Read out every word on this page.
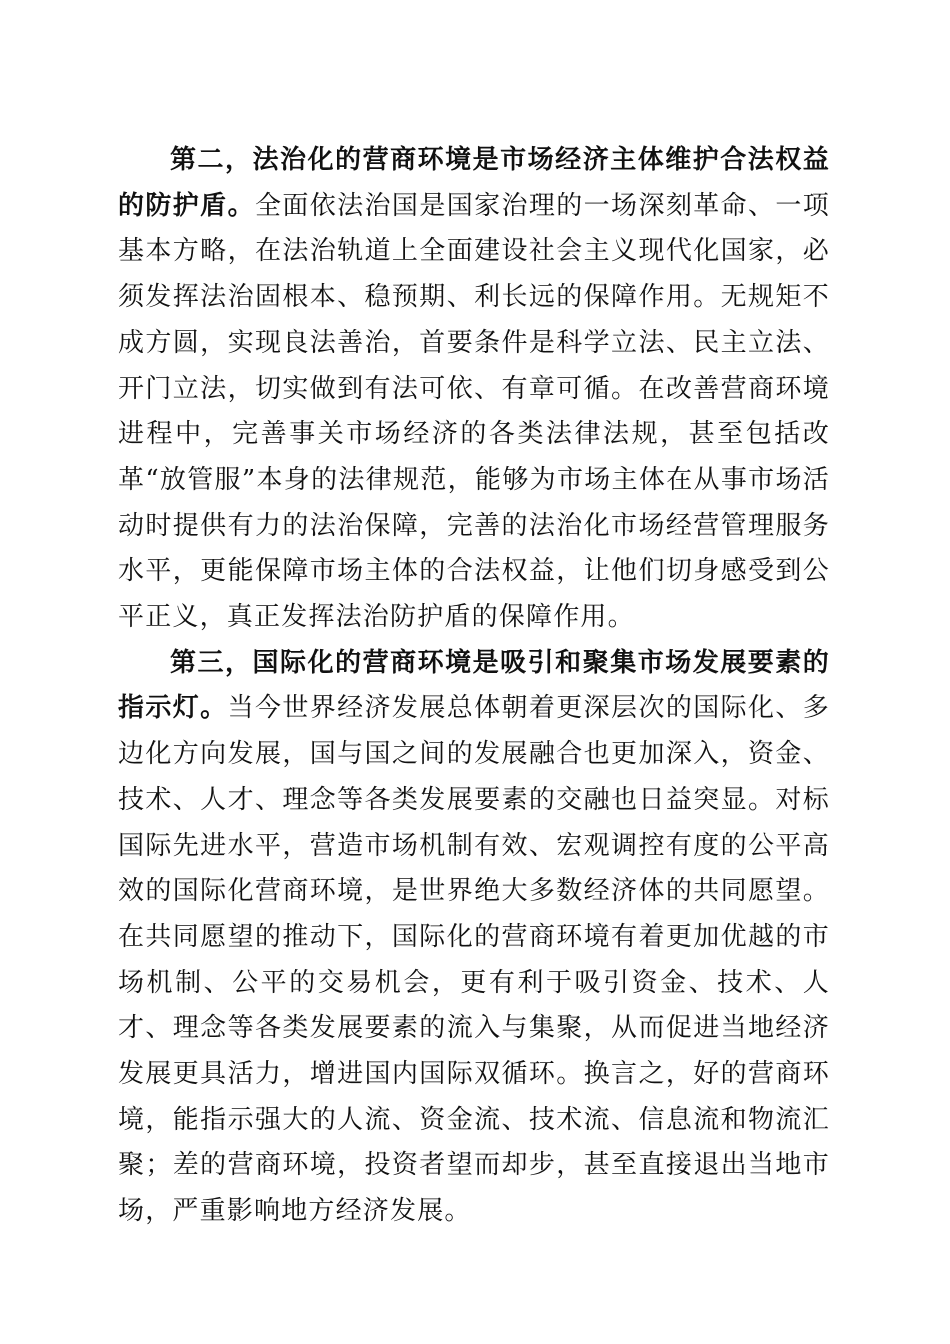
第二，法治化的营商环境是市场经济主体维护合法权益的防护盾。全面依法治国是国家治理的一场深刻革命、一项基本方略，在法治轨道上全面建设社会主义现代化国家，必须发挥法治固根本、稳预期、利长远的保障作用。无规矩不成方圆，实现良法善治，首要条件是科学立法、民主立法、开门立法，切实做到有法可依、有章可循。在改善营商环境进程中，完善事关市场经济的各类法律法规，甚至包括改革“放管服”本身的法律规范，能够为市场主体在从事市场活动时提供有力的法治保障，完善的法治化市场经营管理服务水平，更能保障市场主体的合法权益，让他们切身感受到公平正义，真正发挥法治防护盾的保障作用。

第三，国际化的营商环境是吸引和聚集市场发展要素的指示灯。当今世界经济发展总体朝着更深层次的国际化、多边化方向发展，国与国之间的发展融合也更加深入，资金、技术、人才、理念等各类发展要素的交融也日益突显。对标国际先进水平，营造市场机制有效、宏观调控有度的公平高效的国际化营商环境，是世界绝大多数经济体的共同愿望。在共同愿望的推动下，国际化的营商环境有着更加优越的市场机制、公平的交易机会，更有利于吸引资金、技术、人才、理念等各类发展要素的流入与集聚，从而促进当地经济发展更具活力，增进国内国际双循环。换言之，好的营商环境，能指示强大的人流、资金流、技术流、信息流和物流汇聚；差的营商环境，投资者望而却步，甚至直接退出当地市场，严重影响地方经济发展。
